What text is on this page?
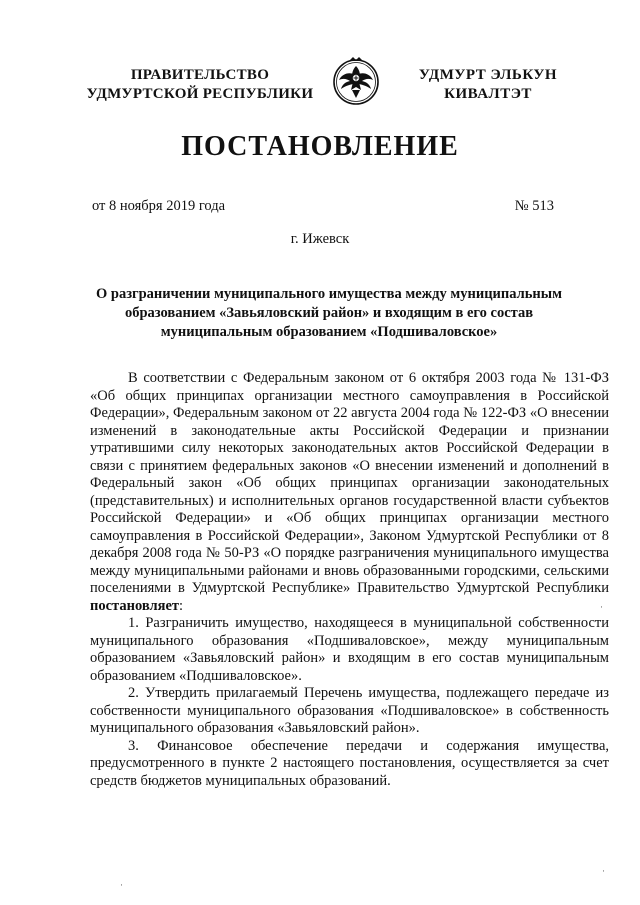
ПРАВИТЕЛЬСТВО
УДМУРТСКОЙ РЕСПУБЛИКИ
УДМУРТ ЭЛЬКУН
КИВАЛТЭТ
ПОСТАНОВЛЕНИЕ
от 8 ноября 2019 года	№ 513
г. Ижевск
О разграничении муниципального имущества между муниципальным
образованием «Завьяловский район» и входящим в его состав
муниципальным образованием «Подшиваловское»

В соответствии с Федеральным законом от 6 октября 2003 года № 131-ФЗ «Об общих принципах организации местного самоуправления в Российской Федерации», Федеральным законом от 22 августа 2004 года № 122-ФЗ «О внесении изменений в законодательные акты Российской Федерации и признании утратившими силу некоторых законодательных актов Российской Федерации в связи с принятием федеральных законов «О внесении изменений и дополнений в Федеральный закон «Об общих принципах организации законодательных (представительных) и исполнительных органов государственной власти субъектов Российской Федерации» и «Об общих принципах организации местного самоуправления в Российской Федерации», Законом Удмуртской Республики от 8 декабря 2008 года № 50-РЗ «О порядке разграничения муниципального имущества между муниципальными районами и вновь образованными городскими, сельскими поселениями в Удмуртской Республике» Правительство Удмуртской Республики постановляет:

1. Разграничить имущество, находящееся в муниципальной собственности муниципального образования «Подшиваловское», между муниципальным образованием «Завьяловский район» и входящим в его состав муниципальным образованием «Подшиваловское».

2. Утвердить прилагаемый Перечень имущества, подлежащего передаче из собственности муниципального образования «Подшиваловское» в собственность муниципального образования «Завьяловский район».

3. Финансовое обеспечение передачи и содержания имущества, предусмотренного в пункте 2 настоящего постановления, осуществляется за счет средств бюджетов муниципальных образований.

·
·
·
